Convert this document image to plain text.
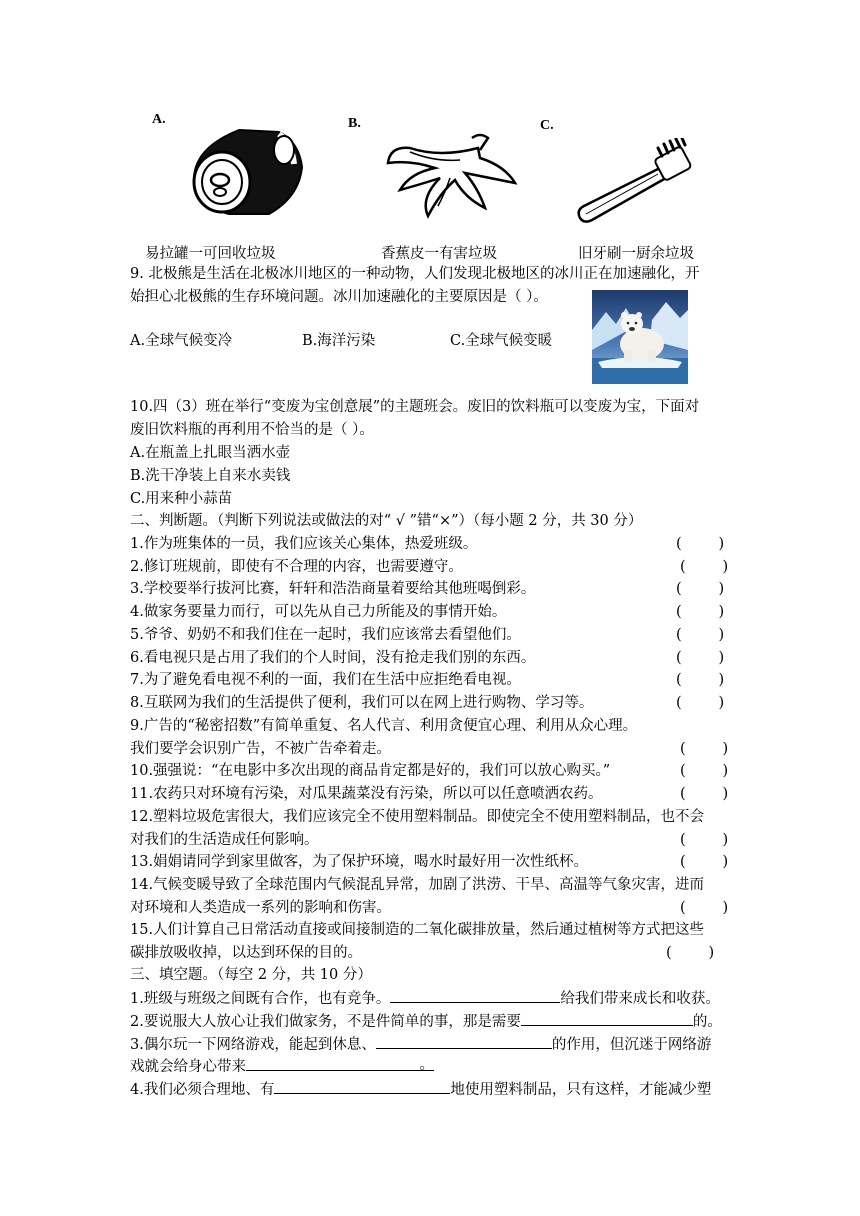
A.	B.	C.
易拉罐一可回收垃圾	香蕉皮一有害垃圾	旧牙刷一厨余垃圾
9. 北极熊是生活在北极冰川地区的一种动物，人们发现北极地区的冰川正在加速融化，开
始担心北极熊的生存环境问题。冰川加速融化的主要原因是（ ）。
A.全球气候变冷	B.海洋污染	C.全球气候变暖
10.四（3）班在举行“变废为宝创意展”的主题班会。废旧的饮料瓶可以变废为宝，下面对
废旧饮料瓶的再利用不恰当的是（ ）。
A.在瓶盖上扎眼当洒水壶
B.洗干净装上自来水卖钱
C.用来种小蒜苗
二、判断题。（判断下列说法或做法的对“ √ ”错“×”）（每小题 2 分，共 30 分）
1.作为班集体的一员，我们应该关心集体，热爱班级。	(        )
2.修订班规前，即使有不合理的内容，也需要遵守。	(        )
3.学校要举行拔河比赛，轩轩和浩浩商量着要给其他班喝倒彩。	(        )
4.做家务要量力而行，可以先从自己力所能及的事情开始。	(        )
5.爷爷、奶奶不和我们住在一起时，我们应该常去看望他们。	(        )
6.看电视只是占用了我们的个人时间，没有抢走我们别的东西。	(        )
7.为了避免看电视不利的一面，我们在生活中应拒绝看电视。	(        )
8.互联网为我们的生活提供了便利，我们可以在网上进行购物、学习等。	(        )
9.广告的“秘密招数”有简单重复、名人代言、利用贪便宜心理、利用从众心理。
我们要学会识别广告，不被广告牵着走。	(        )
10.强强说：“在电影中多次出现的商品肯定都是好的，我们可以放心购买。”	(        )
11.农药只对环境有污染，对瓜果蔬菜没有污染，所以可以任意喷洒农药。	(        )
12.塑料垃圾危害很大，我们应该完全不使用塑料制品。即使完全不使用塑料制品，也不会
对我们的生活造成任何影响。	(        )
13.娟娟请同学到家里做客，为了保护环境，喝水时最好用一次性纸杯。	(        )
14.气候变暖导致了全球范围内气候混乱异常，加剧了洪涝、干旱、高温等气象灾害，进而
对环境和人类造成一系列的影响和伤害。	(        )
15.人们计算自己日常活动直接或间接制造的二氧化碳排放量，然后通过植树等方式把这些
碳排放吸收掉，以达到环保的目的。	(        )
三、填空题。（每空 2 分，共 10 分）
1.班级与班级之间既有合作，也有竞争。	给我们带来成长和收获。
2.要说服大人放心让我们做家务，不是件简单的事，那是需要	的。
3.偶尔玩一下网络游戏，能起到休息、	的作用，但沉迷于网络游
戏就会给身心带来	。
4.我们必须合理地、有	地使用塑料制品，只有这样，才能减少塑
